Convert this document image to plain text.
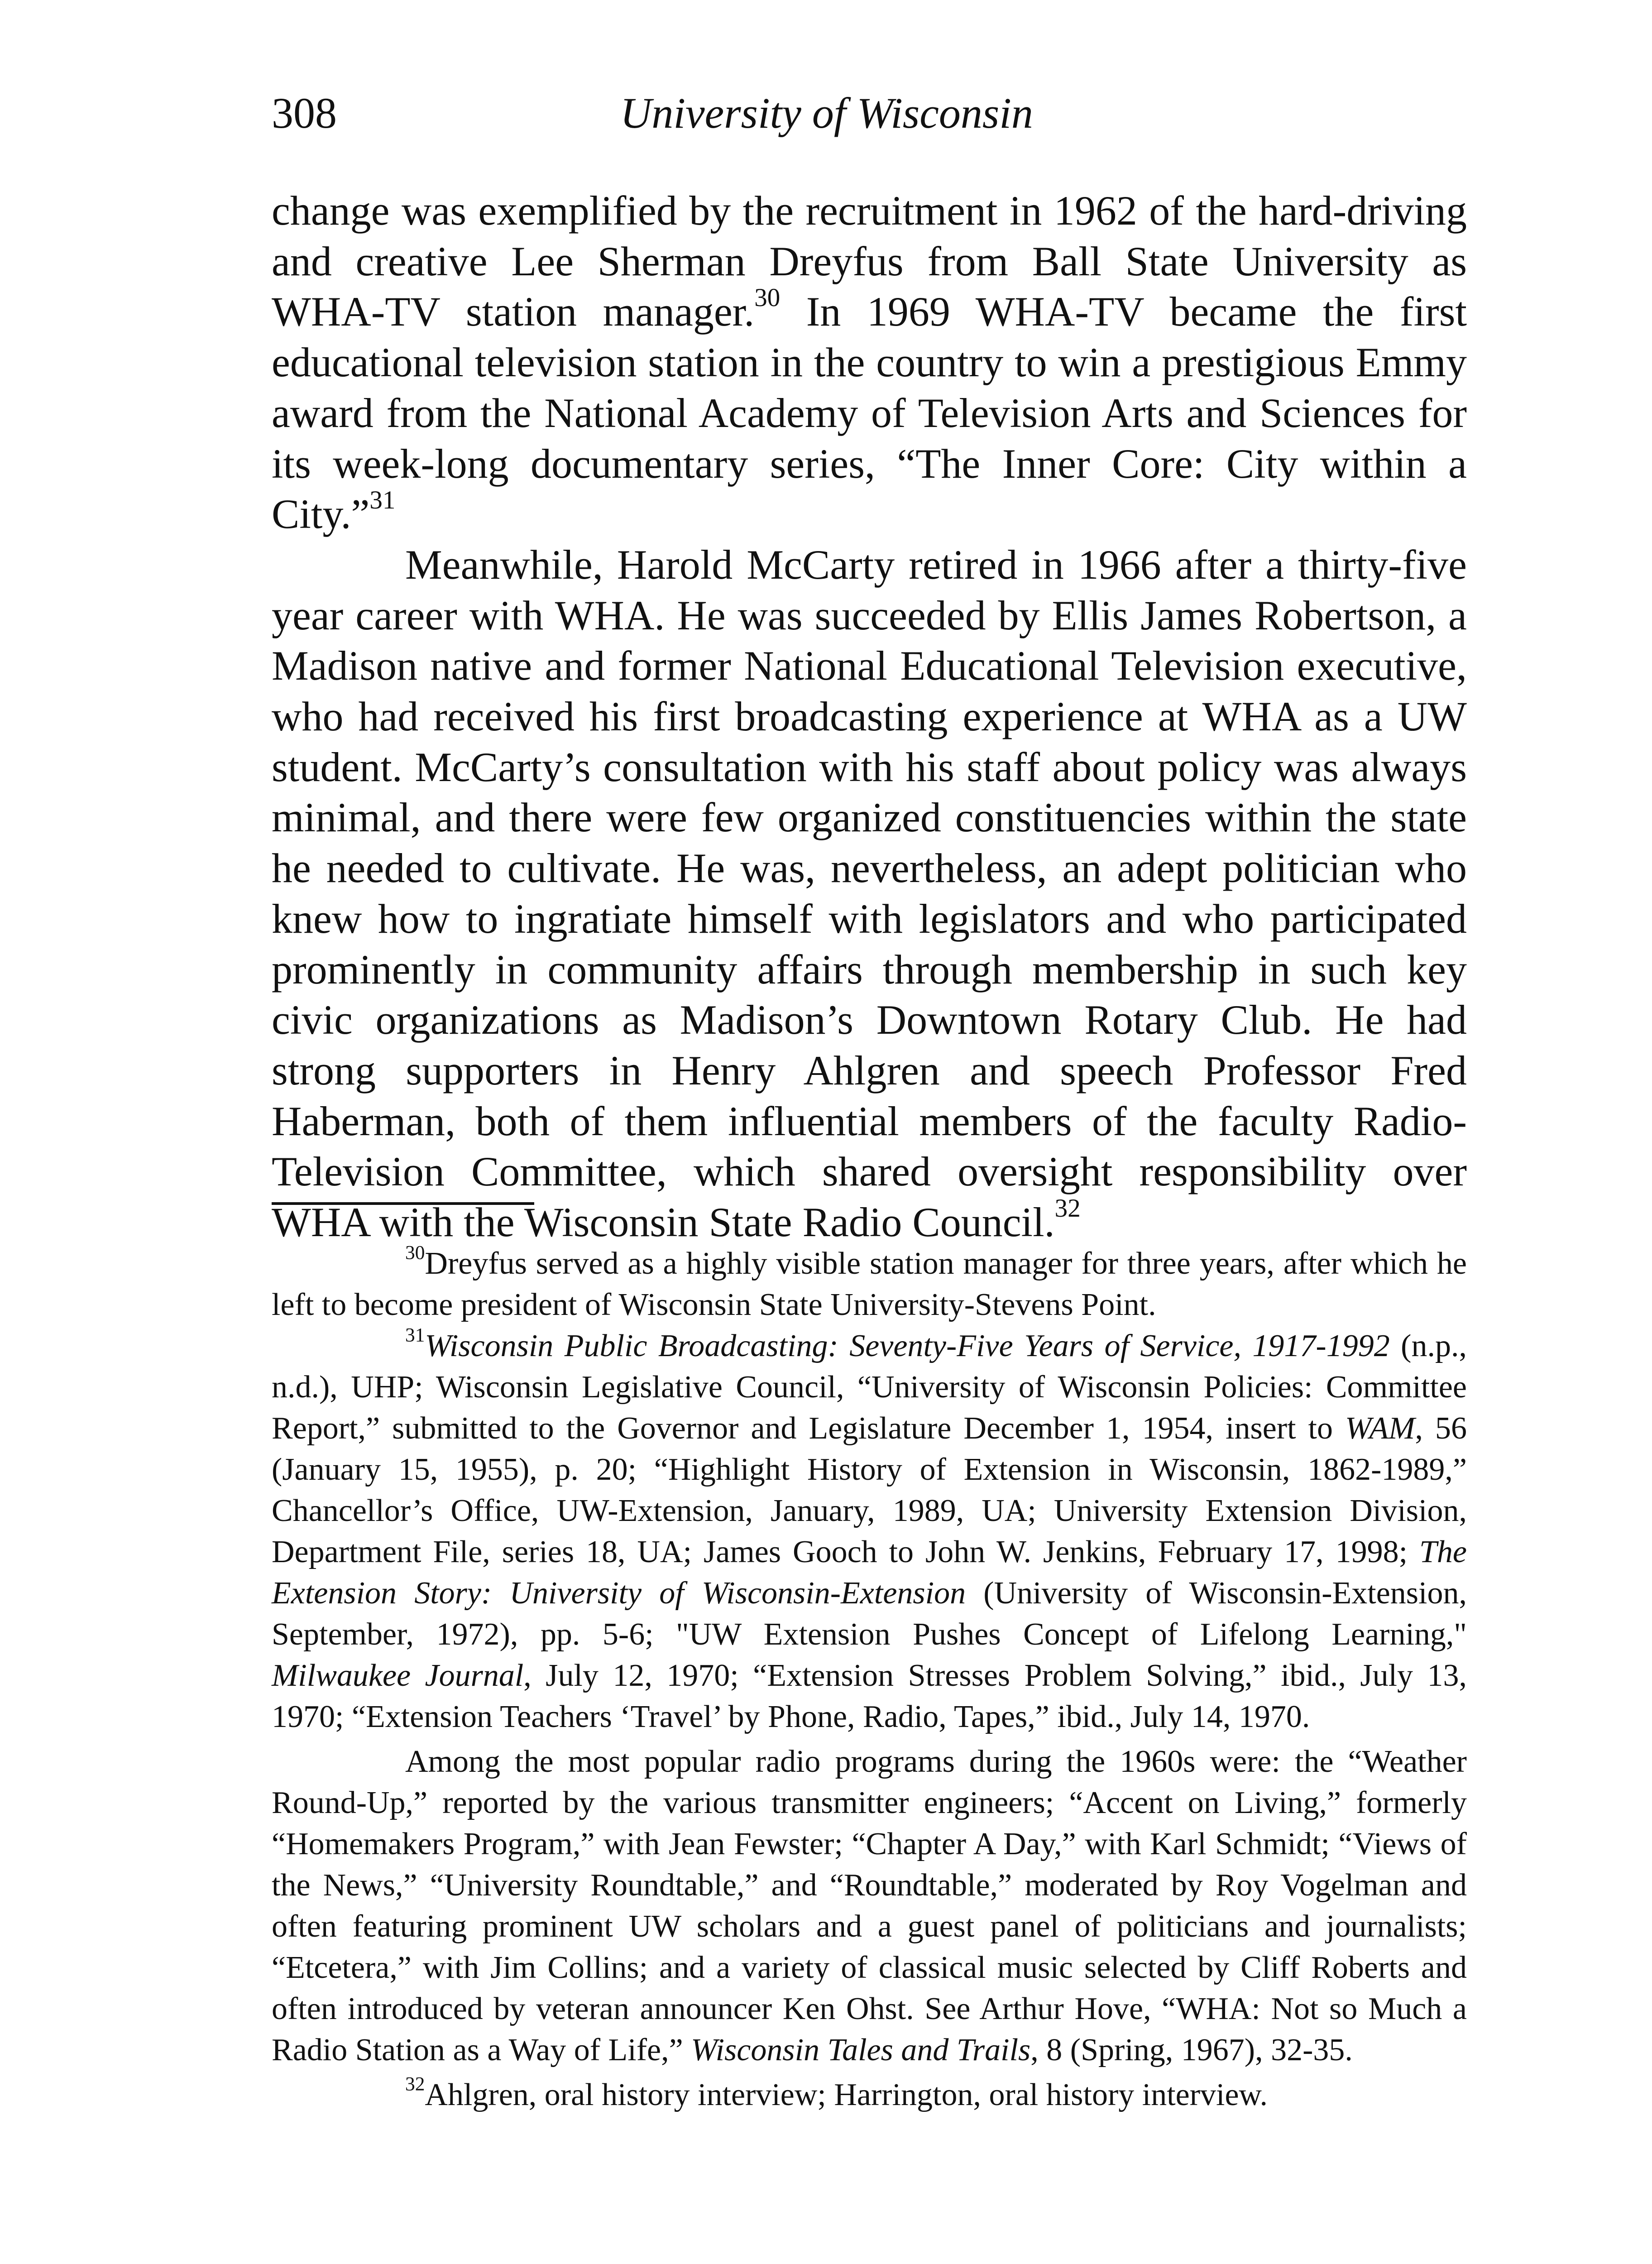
308	University of Wisconsin

change was exemplified by the recruitment in 1962 of the hard-driving and creative Lee Sherman Dreyfus from Ball State University as WHA-TV station manager.$^{30}$ In 1969 WHA-TV became the first educational television station in the country to win a prestigious Emmy award from the National Academy of Television Arts and Sciences for its week-long documentary series, “The Inner Core: City within a City.”$^{31}$

Meanwhile, Harold McCarty retired in 1966 after a thirty-five year career with WHA. He was succeeded by Ellis James Robertson, a Madison native and former National Educational Television executive, who had received his first broadcasting experience at WHA as a UW student. McCarty’s consultation with his staff about policy was always minimal, and there were few organized constituencies within the state he needed to cultivate. He was, nevertheless, an adept politician who knew how to ingratiate himself with legislators and who participated prominently in community affairs through membership in such key civic organizations as Madison’s Downtown Rotary Club. He had strong supporters in Henry Ahlgren and speech Professor Fred Haberman, both of them influential members of the faculty Radio-Television Committee, which shared oversight responsibility over WHA with the Wisconsin State Radio Council.$^{32}$

$^{30}$Dreyfus served as a highly visible station manager for three years, after which he left to become president of Wisconsin State University-Stevens Point.

$^{31}$Wisconsin Public Broadcasting: Seventy-Five Years of Service, 1917-1992 (n.p., n.d.), UHP; Wisconsin Legislative Council, “University of Wisconsin Policies: Committee Report,” submitted to the Governor and Legislature December 1, 1954, insert to WAM, 56 (January 15, 1955), p. 20; “Highlight History of Extension in Wisconsin, 1862-1989,” Chancellor’s Office, UW-Extension, January, 1989, UA; University Extension Division, Department File, series 18, UA; James Gooch to John W. Jenkins, February 17, 1998; The Extension Story: University of Wisconsin-Extension (University of Wisconsin-Extension, September, 1972), pp. 5-6; "UW Extension Pushes Concept of Lifelong Learning," Milwaukee Journal, July 12, 1970; “Extension Stresses Problem Solving,” ibid., July 13, 1970; “Extension Teachers ‘Travel’ by Phone, Radio, Tapes,” ibid., July 14, 1970.

Among the most popular radio programs during the 1960s were: the “Weather Round-Up,” reported by the various transmitter engineers; “Accent on Living,” formerly “Homemakers Program,” with Jean Fewster; “Chapter A Day,” with Karl Schmidt; “Views of the News,” “University Roundtable,” and “Roundtable,” moderated by Roy Vogelman and often featuring prominent UW scholars and a guest panel of politicians and journalists; “Etcetera,” with Jim Collins; and a variety of classical music selected by Cliff Roberts and often introduced by veteran announcer Ken Ohst. See Arthur Hove, “WHA: Not so Much a Radio Station as a Way of Life,” Wisconsin Tales and Trails, 8 (Spring, 1967), 32-35.

$^{32}$Ahlgren, oral history interview; Harrington, oral history interview.
